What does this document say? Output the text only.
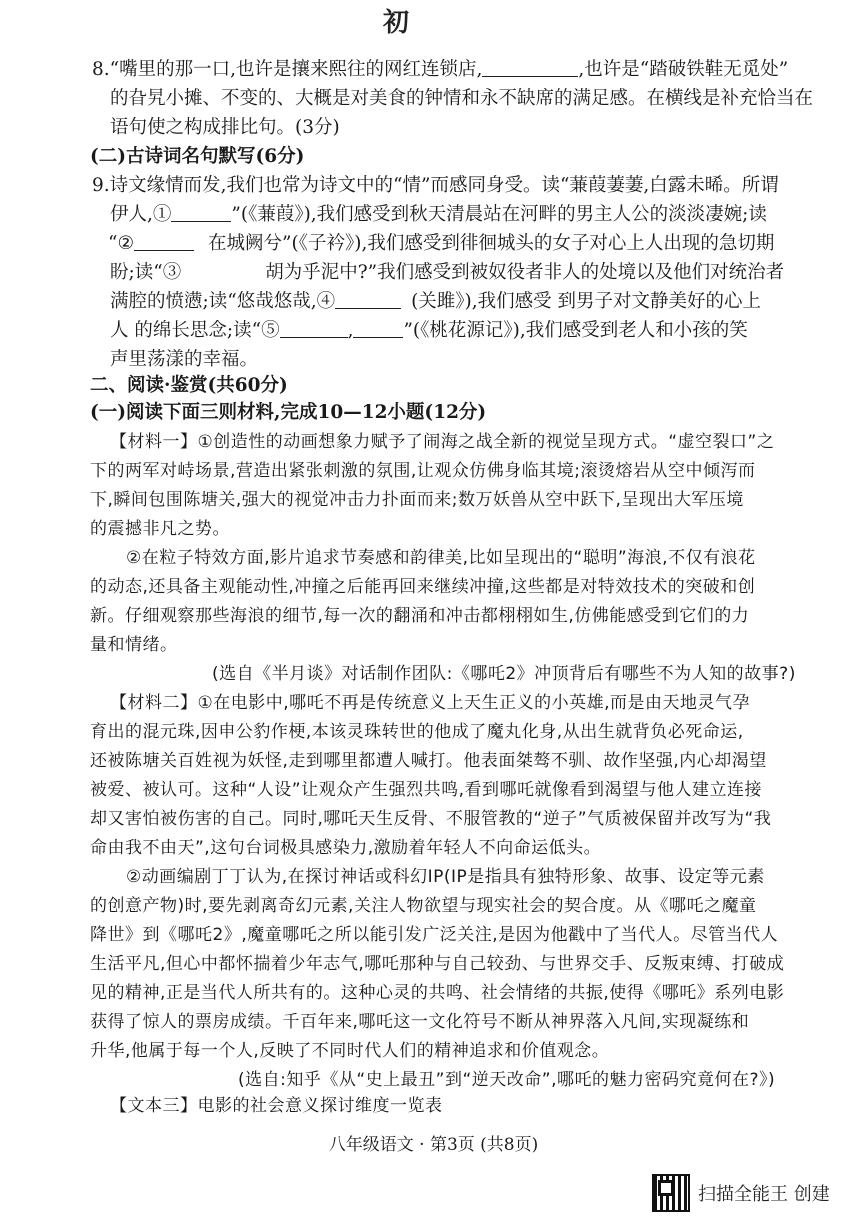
初
8.“嘴里的那一口,也许是攘来熙往的网红连锁店,	,也许是“踏破铁鞋无觅处”
的旮旯小摊、不变的、大概是对美食的钟情和永不缺席的满足感。在横线是补充恰当在
语句使之构成排比句。(3分)
(二)古诗词名句默写(6分)
9.诗文缘情而发,我们也常为诗文中的“情”而感同身受。读“蒹葭萋萋,白露未晞。所谓
伊人,①	”(《蒹葭》),我们感受到秋天清晨站在河畔的男主人公的淡淡凄婉;读
“②	在城阙兮”(《子衿》),我们感受到徘徊城头的女子对心上人出现的急切期
盼;读“③	胡为乎泥中?”我们感受到被奴役者非人的处境以及他们对统治者
满腔的愤懑;读“悠哉悠哉,④	(关雎》),我们感受 到男子对文静美好的心上
人 的绵长思念;读“⑤	,	”(《桃花源记》),我们感受到老人和小孩的笑
声里荡漾的幸福。
二、阅读·鉴赏(共60分)
(一)阅读下面三则材料,完成10—12小题(12分)
【材料一】①创造性的动画想象力赋予了闹海之战全新的视觉呈现方式。“虚空裂口”之
下的两军对峙场景,营造出紧张刺激的氛围,让观众仿佛身临其境;滚烫熔岩从空中倾泻而
下,瞬间包围陈塘关,强大的视觉冲击力扑面而来;数万妖兽从空中跃下,呈现出大军压境
的震撼非凡之势。
②在粒子特效方面,影片追求节奏感和韵律美,比如呈现出的“聪明”海浪,不仅有浪花
的动态,还具备主观能动性,冲撞之后能再回来继续冲撞,这些都是对特效技术的突破和创
新。仔细观察那些海浪的细节,每一次的翻涌和冲击都栩栩如生,仿佛能感受到它们的力
量和情绪。
(选自《半月谈》对话制作团队:《哪吒2》冲顶背后有哪些不为人知的故事?)
【材料二】①在电影中,哪吒不再是传统意义上天生正义的小英雄,而是由天地灵气孕
育出的混元珠,因申公豹作梗,本该灵珠转世的他成了魔丸化身,从出生就背负必死命运,
还被陈塘关百姓视为妖怪,走到哪里都遭人喊打。他表面桀骜不驯、故作坚强,内心却渴望
被爱、被认可。这种“人设”让观众产生强烈共鸣,看到哪吒就像看到渴望与他人建立连接
却又害怕被伤害的自己。同时,哪吒天生反骨、不服管教的“逆子”气质被保留并改写为“我
命由我不由天”,这句台词极具感染力,激励着年轻人不向命运低头。
②动画编剧丁丁认为,在探讨神话或科幻IP(IP是指具有独特形象、故事、设定等元素
的创意产物)时,要先剥离奇幻元素,关注人物欲望与现实社会的契合度。从《哪吒之魔童
降世》到《哪吒2》,魔童哪吒之所以能引发广泛关注,是因为他戳中了当代人。尽管当代人
生活平凡,但心中都怀揣着少年志气,哪吒那种与自己较劲、与世界交手、反叛束缚、打破成
见的精神,正是当代人所共有的。这种心灵的共鸣、社会情绪的共振,使得《哪吒》系列电影
获得了惊人的票房成绩。千百年来,哪吒这一文化符号不断从神界落入凡间,实现凝练和
升华,他属于每一个人,反映了不同时代人们的精神追求和价值观念。
(选自:知乎《从“史上最丑”到“逆天改命”,哪吒的魅力密码究竟何在?》)
【文本三】电影的社会意义探讨维度一览表
八年级语文 · 第3页 (共8页)
扫描全能王 创建
